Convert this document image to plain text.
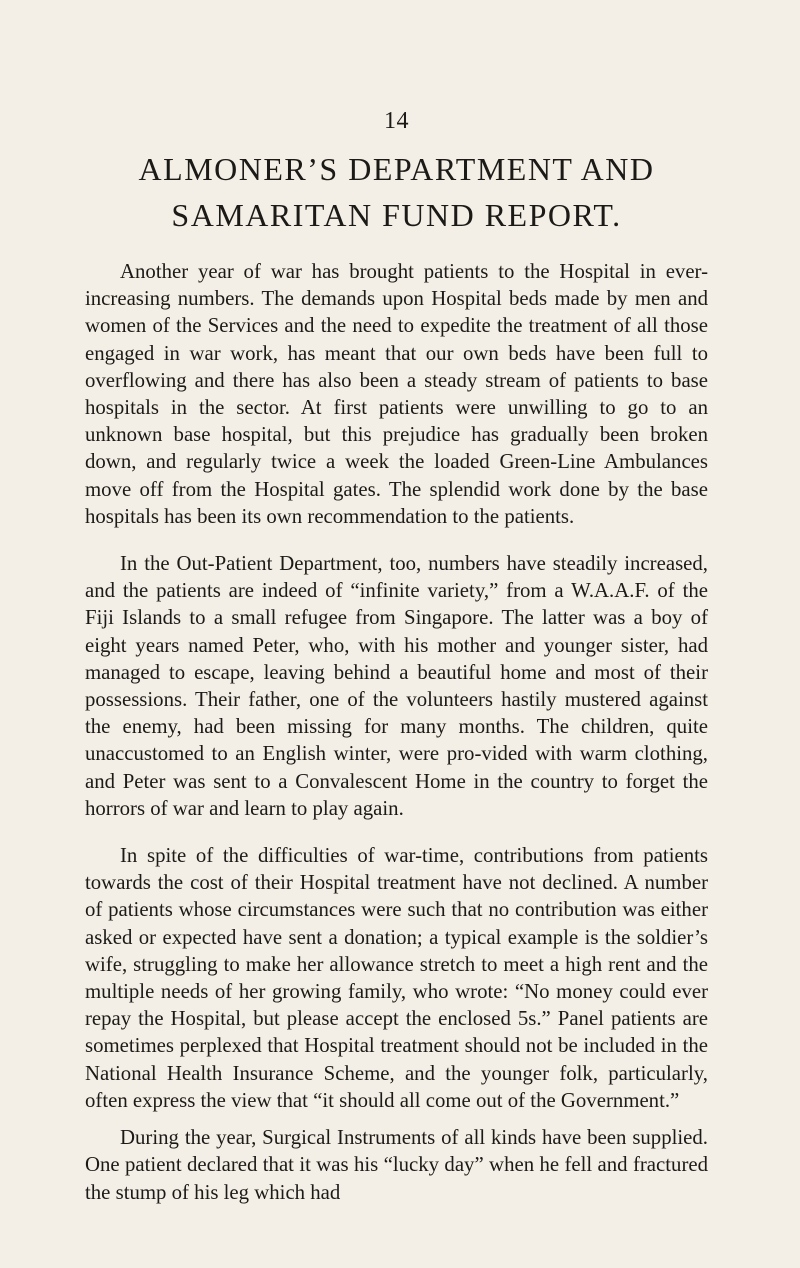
14
ALMONER’S DEPARTMENT AND
SAMARITAN FUND REPORT.

Another year of war has brought patients to the Hospital in ever-increasing numbers. The demands upon Hospital beds made by men and women of the Services and the need to expedite the treatment of all those engaged in war work, has meant that our own beds have been full to overflowing and there has also been a steady stream of patients to base hospitals in the sector. At first patients were unwilling to go to an unknown base hospital, but this prejudice has gradually been broken down, and regularly twice a week the loaded Green-Line Ambulances move off from the Hospital gates. The splendid work done by the base hospitals has been its own recommendation to the patients.

In the Out-Patient Department, too, numbers have steadily increased, and the patients are indeed of “infinite variety,” from a W.A.A.F. of the Fiji Islands to a small refugee from Singapore. The latter was a boy of eight years named Peter, who, with his mother and younger sister, had managed to escape, leaving behind a beautiful home and most of their possessions. Their father, one of the volunteers hastily mustered against the enemy, had been missing for many months. The children, quite unaccustomed to an English winter, were pro-vided with warm clothing, and Peter was sent to a Convalescent Home in the country to forget the horrors of war and learn to play again.

In spite of the difficulties of war-time, contributions from patients towards the cost of their Hospital treatment have not declined. A number of patients whose circumstances were such that no contribution was either asked or expected have sent a donation; a typical example is the soldier’s wife, struggling to make her allowance stretch to meet a high rent and the multiple needs of her growing family, who wrote: “No money could ever repay the Hospital, but please accept the enclosed 5s.” Panel patients are sometimes perplexed that Hospital treatment should not be included in the National Health Insurance Scheme, and the younger folk, particularly, often express the view that “it should all come out of the Government.”

During the year, Surgical Instruments of all kinds have been supplied. One patient declared that it was his “lucky day” when he fell and fractured the stump of his leg which had
